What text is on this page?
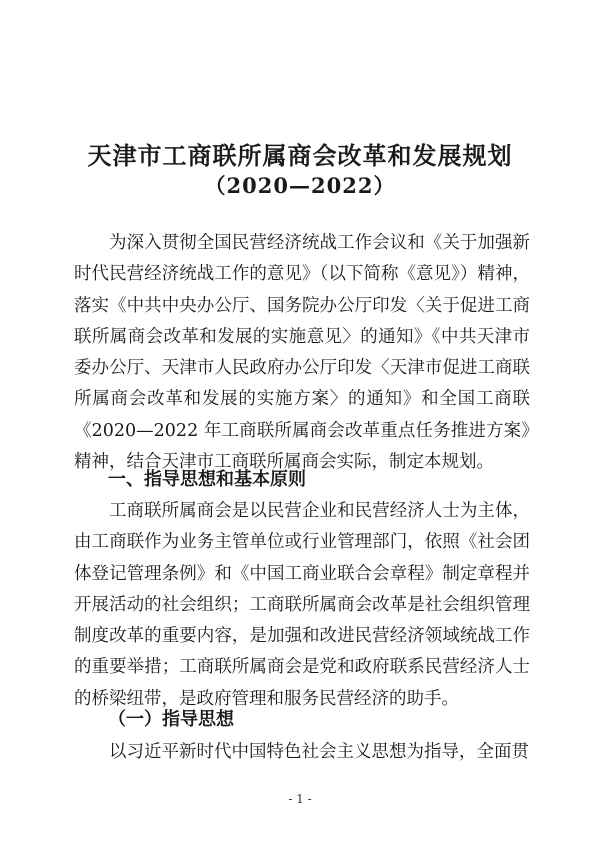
天津市工商联所属商会改革和发展规划
（2020—2022）

为深入贯彻全国民营经济统战工作会议和《关于加强新时代民营经济统战工作的意见》（以下简称《意见》）精神，落实《中共中央办公厅、国务院办公厅印发〈关于促进工商联所属商会改革和发展的实施意见〉的通知》《中共天津市委办公厅、天津市人民政府办公厅印发〈天津市促进工商联所属商会改革和发展的实施方案〉的通知》和全国工商联《2020—2022 年工商联所属商会改革重点任务推进方案》精神，结合天津市工商联所属商会实际，制定本规划。

一、指导思想和基本原则

工商联所属商会是以民营企业和民营经济人士为主体，由工商联作为业务主管单位或行业管理部门，依照《社会团体登记管理条例》和《中国工商业联合会章程》制定章程并开展活动的社会组织；工商联所属商会改革是社会组织管理制度改革的重要内容，是加强和改进民营经济领域统战工作的重要举措；工商联所属商会是党和政府联系民营经济人士的桥梁纽带，是政府管理和服务民营经济的助手。

（一）指导思想

以习近平新时代中国特色社会主义思想为指导，全面贯

- 1 -
